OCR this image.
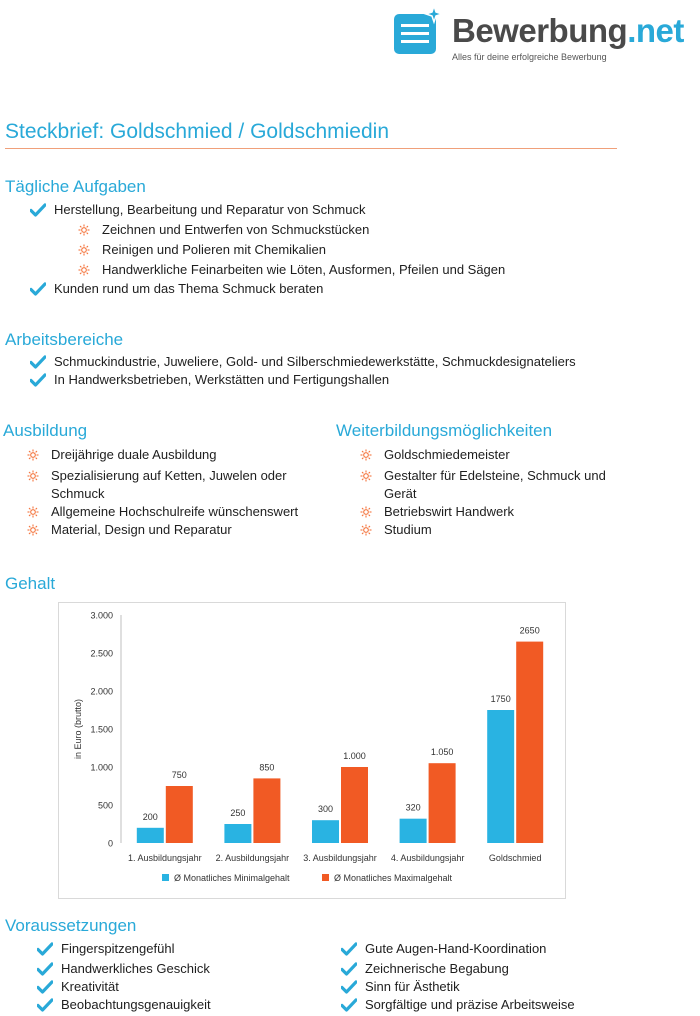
Bewerbung.net
Alles für deine erfolgreiche Bewerbung
Steckbrief: Goldschmied / Goldschmiedin
Tägliche Aufgaben
Herstellung, Bearbeitung und Reparatur von Schmuck
Zeichnen und Entwerfen von Schmuckstücken
Reinigen und Polieren mit Chemikalien
Handwerkliche Feinarbeiten wie Löten, Ausformen, Pfeilen und Sägen
Kunden rund um das Thema Schmuck beraten
Arbeitsbereiche
Schmuckindustrie, Juweliere, Gold- und Silberschmiedewerkstätte, Schmuckdesignateliers
In Handwerksbetrieben, Werkstätten und Fertigungshallen
Ausbildung
Dreijährige duale Ausbildung
Spezialisierung auf Ketten, Juwelen oder Schmuck
Allgemeine Hochschulreife wünschenswert
Material, Design und Reparatur
Weiterbildungsmöglichkeiten
Goldschmiedemeister
Gestalter für Edelsteine, Schmuck und Gerät
Betriebswirt Handwerk
Studium
Gehalt
0
500
1.000
1.500
2.000
2.500
3.000
in Euro (brutto)
1. Ausbildungsjahr
200
750
2. Ausbildungsjahr
250
850
3. Ausbildungsjahr
300
1.000
4. Ausbildungsjahr
320
1.050
Goldschmied
1750
2650
Ø Monatliches Minimalgehalt	Ø Monatliches Maximalgehalt
Voraussetzungen
Fingerspitzengefühl
Handwerkliches Geschick
Kreativität
Beobachtungsgenauigkeit
Gute Augen-Hand-Koordination
Zeichnerische Begabung
Sinn für Ästhetik
Sorgfältige und präzise Arbeitsweise
